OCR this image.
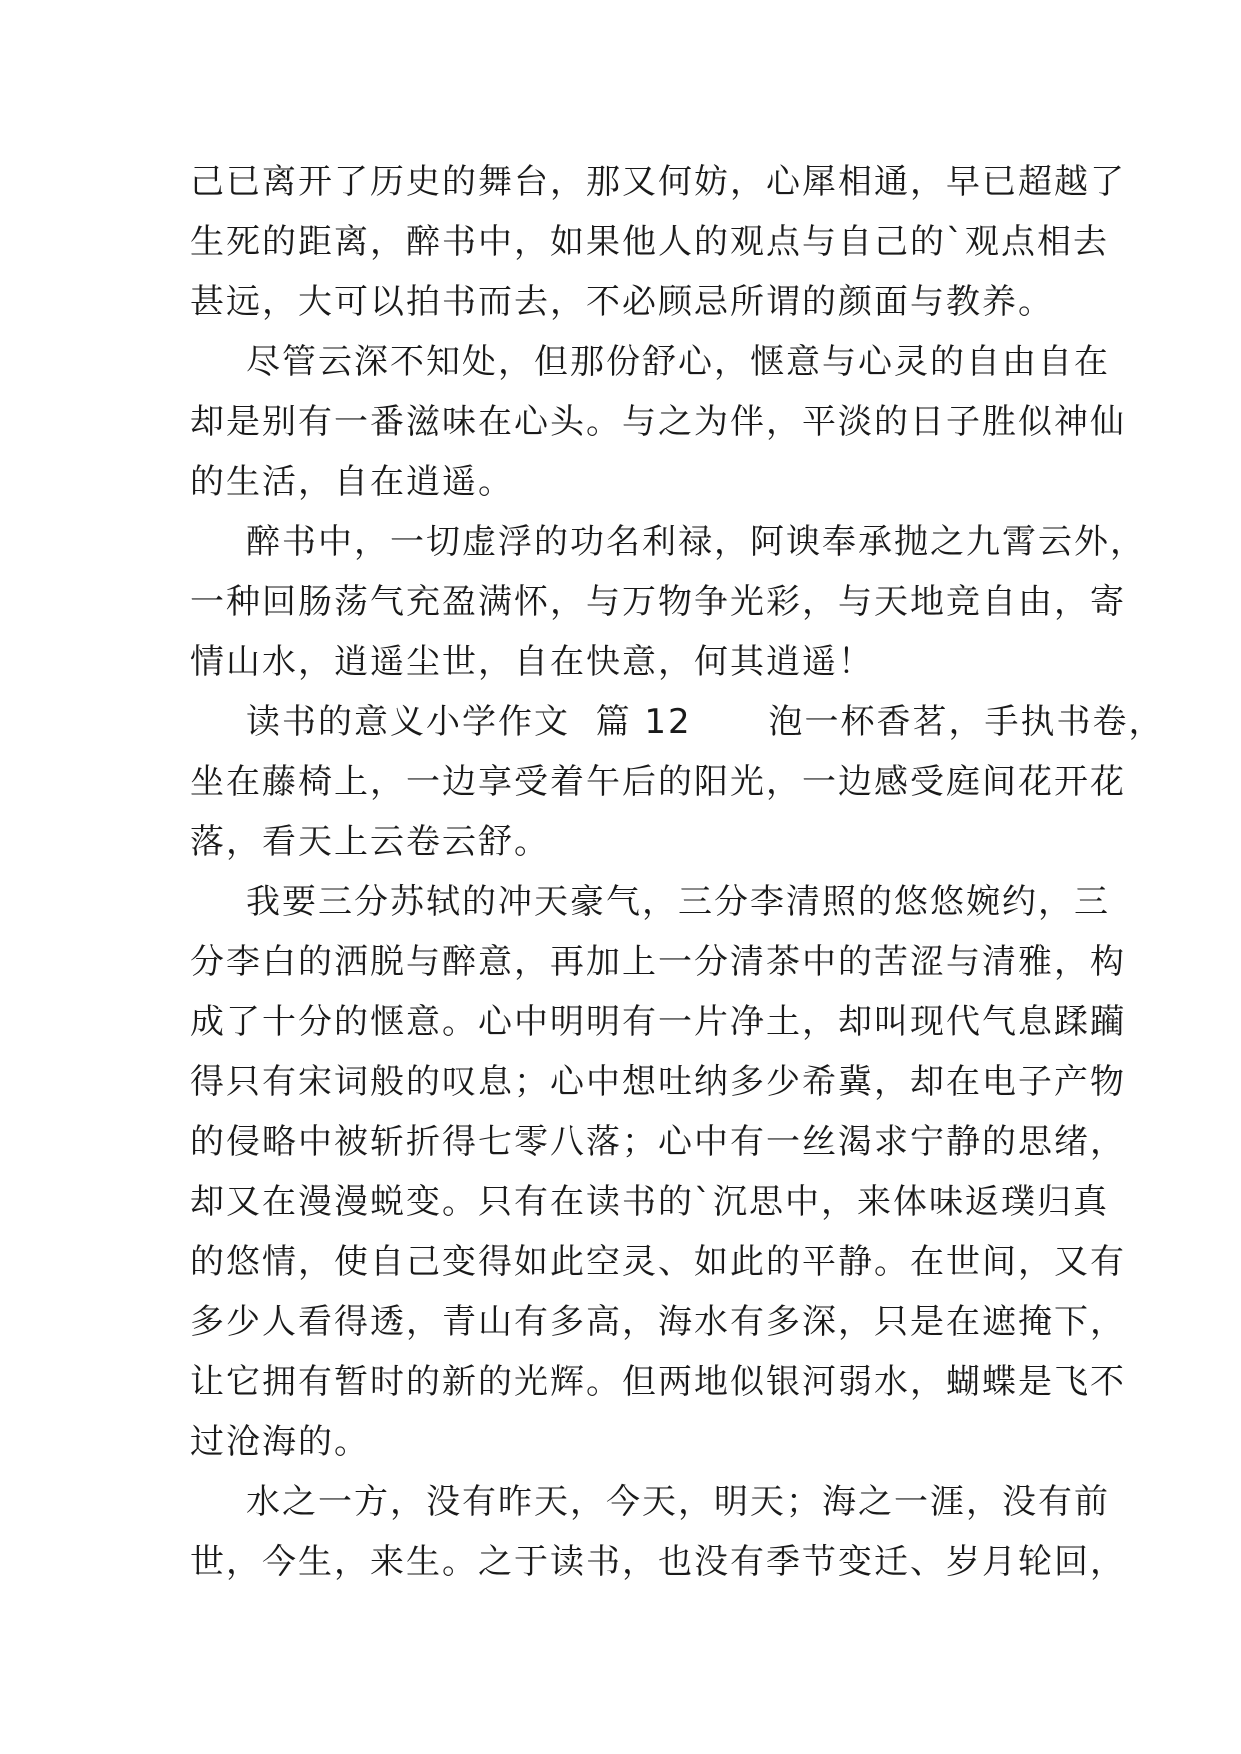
己已离开了历史的舞台，那又何妨，心犀相通，早已超越了
生死的距离，醉书中，如果他人的观点与自己的`观点相去
甚远，大可以拍书而去，不必顾忌所谓的颜面与教养。
尽管云深不知处，但那份舒心，惬意与心灵的自由自在
却是别有一番滋味在心头。与之为伴，平淡的日子胜似神仙
的生活，自在逍遥。
醉书中，一切虚浮的功名利禄，阿谀奉承抛之九霄云外，
一种回肠荡气充盈满怀，与万物争光彩，与天地竞自由，寄
情山水，逍遥尘世，自在快意，何其逍遥！
读书的意义小学作文  篇 12      泡一杯香茗，手执书卷，
坐在藤椅上，一边享受着午后的阳光，一边感受庭间花开花
落，看天上云卷云舒。
我要三分苏轼的冲天豪气，三分李清照的悠悠婉约，三
分李白的洒脱与醉意，再加上一分清茶中的苦涩与清雅，构
成了十分的惬意。心中明明有一片净土，却叫现代气息蹂躏
得只有宋词般的叹息；心中想吐纳多少希冀，却在电子产物
的侵略中被斩折得七零八落；心中有一丝渴求宁静的思绪，
却又在漫漫蜕变。只有在读书的`沉思中，来体味返璞归真
的悠情，使自己变得如此空灵、如此的平静。在世间，又有
多少人看得透，青山有多高，海水有多深，只是在遮掩下，
让它拥有暂时的新的光辉。但两地似银河弱水，蝴蝶是飞不
过沧海的。
水之一方，没有昨天，今天，明天；海之一涯，没有前
世，今生，来生。之于读书，也没有季节变迁、岁月轮回，
